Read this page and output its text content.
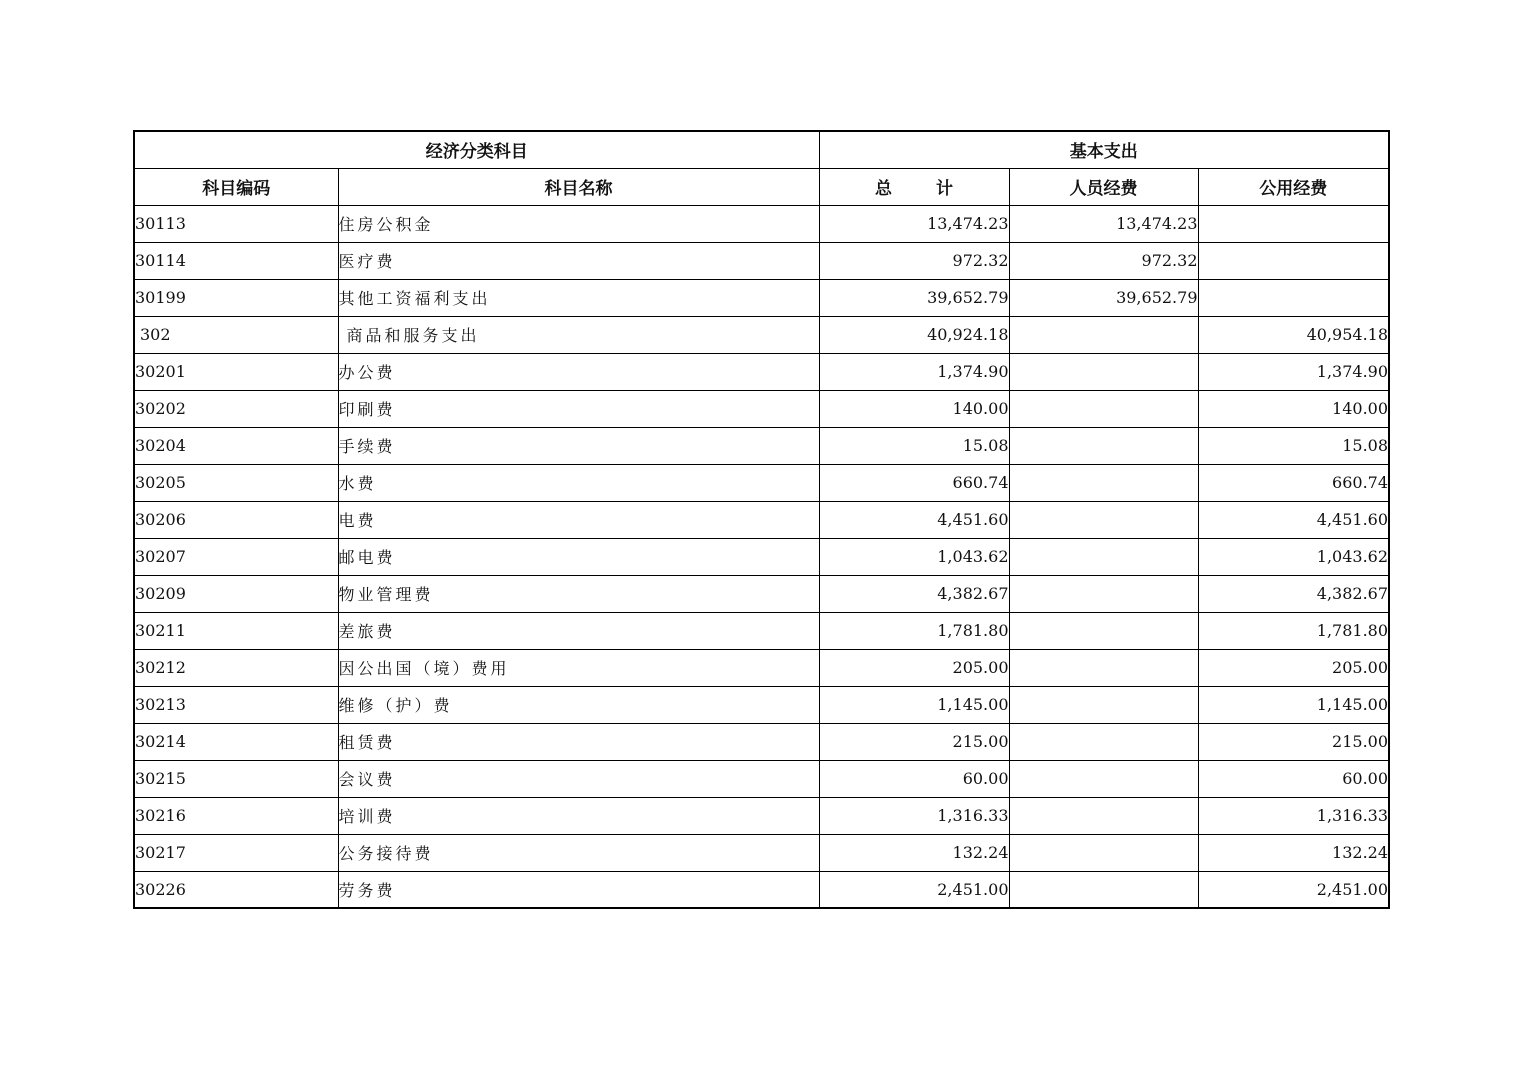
经济分类科目		基本支出		
科目编码	科目名称	总 计	人员经费	公用经费
30113	住房公积金	13,474.23	13,474.23	
30114	医疗费	972.32	972.32	
30199	其他工资福利支出	39,652.79	39,652.79	
302	商品和服务支出	40,924.18		40,954.18
30201	办公费	1,374.90		1,374.90
30202	印刷费	140.00		140.00
30204	手续费	15.08		15.08
30205	水费	660.74		660.74
30206	电费	4,451.60		4,451.60
30207	邮电费	1,043.62		1,043.62
30209	物业管理费	4,382.67		4,382.67
30211	差旅费	1,781.80		1,781.80
30212	因公出国（境）费用	205.00		205.00
30213	维修（护）费	1,145.00		1,145.00
30214	租赁费	215.00		215.00
30215	会议费	60.00		60.00
30216	培训费	1,316.33		1,316.33
30217	公务接待费	132.24		132.24
30226	劳务费	2,451.00		2,451.00
